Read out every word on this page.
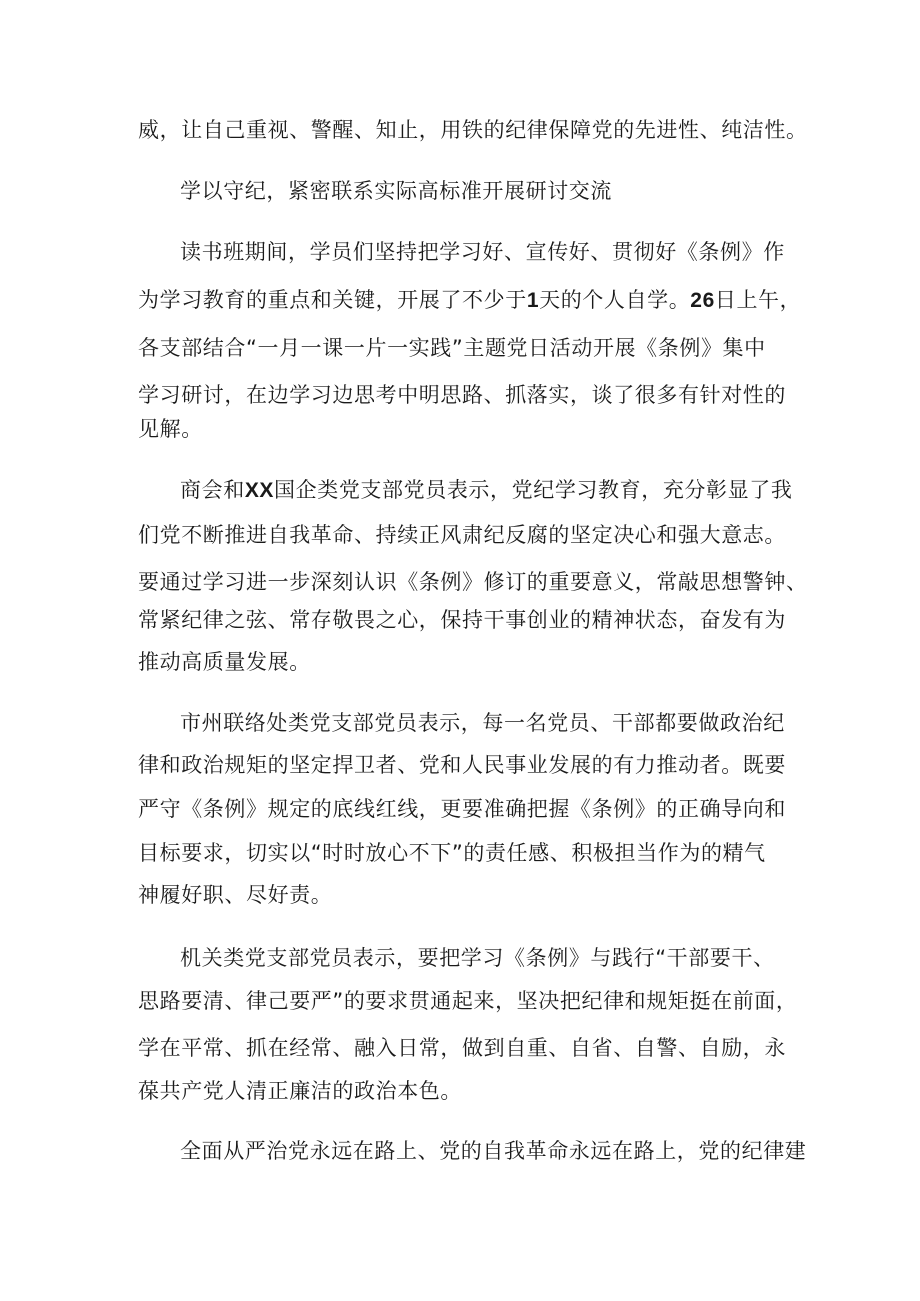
威，让自己重视、警醒、知止，用铁的纪律保障党的先进性、纯洁性。
学以守纪，紧密联系实际高标准开展研讨交流
读书班期间，学员们坚持把学习好、宣传好、贯彻好《条例》作
为学习教育的重点和关键，开展了不少于1天的个人自学。26日上午，
各支部结合“一月一课一片一实践”主题党日活动开展《条例》集中
学习研讨，在边学习边思考中明思路、抓落实，谈了很多有针对性的
见解。
商会和XX国企类党支部党员表示，党纪学习教育，充分彰显了我
们党不断推进自我革命、持续正风肃纪反腐的坚定决心和强大意志。
要通过学习进一步深刻认识《条例》修订的重要意义，常敲思想警钟、
常紧纪律之弦、常存敬畏之心，保持干事创业的精神状态，奋发有为
推动高质量发展。
市州联络处类党支部党员表示，每一名党员、干部都要做政治纪
律和政治规矩的坚定捍卫者、党和人民事业发展的有力推动者。既要
严守《条例》规定的底线红线，更要准确把握《条例》的正确导向和
目标要求，切实以“时时放心不下”的责任感、积极担当作为的精气
神履好职、尽好责。
机关类党支部党员表示，要把学习《条例》与践行“干部要干、
思路要清、律己要严”的要求贯通起来，坚决把纪律和规矩挺在前面，
学在平常、抓在经常、融入日常，做到自重、自省、自警、自励，永
葆共产党人清正廉洁的政治本色。
全面从严治党永远在路上、党的自我革命永远在路上，党的纪律建
